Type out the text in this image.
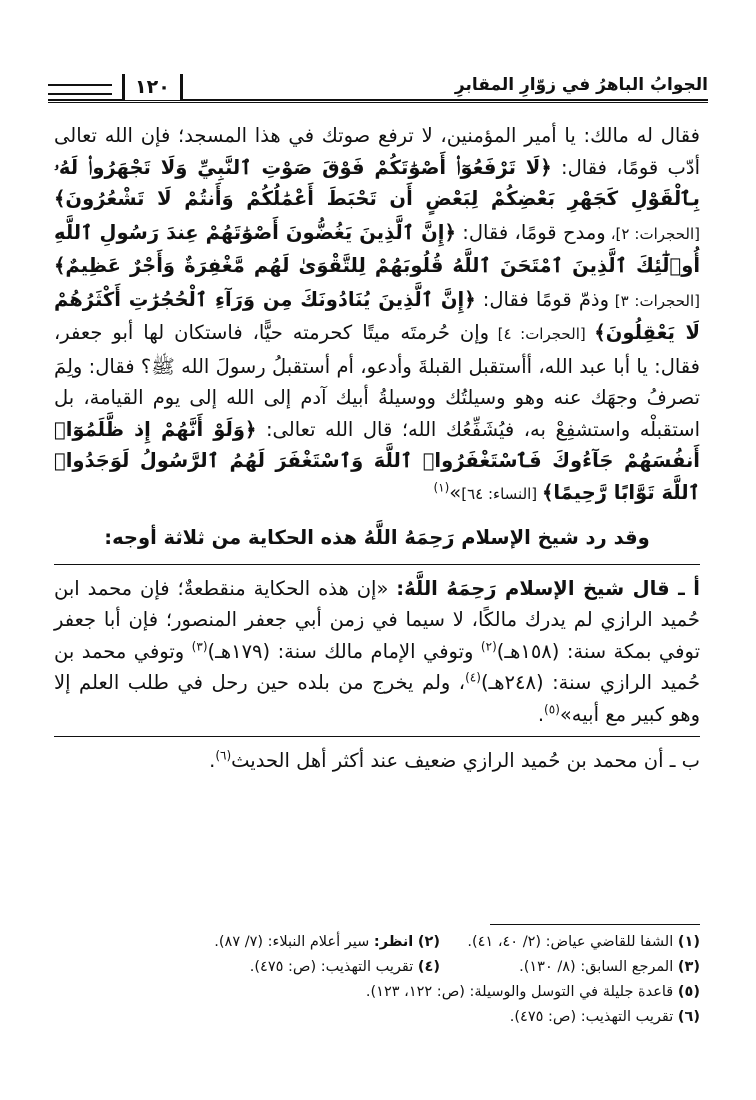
الجوابُ الباهرُ في زوّارِ المقابرِ
١٢٠

فقال له مالك: يا أمير المؤمنين، لا ترفع صوتك في هذا المسجد؛ فإن الله تعالى أدّب قومًا، فقال: ﴿لَا تَرْفَعُوٓا۟ أَصْوَٰتَكُمْ فَوْقَ صَوْتِ ٱلنَّبِيِّ وَلَا تَجْهَرُوا۟ لَهُۥ بِٱلْقَوْلِ كَجَهْرِ بَعْضِكُمْ لِبَعْضٍ أَن تَحْبَطَ أَعْمَٰلُكُمْ وَأَنتُمْ لَا تَشْعُرُونَ﴾ [الحجرات: ٢]، ومدح قومًا، فقال: ﴿إِنَّ ٱلَّذِينَ يَغُضُّونَ أَصْوَٰتَهُمْ عِندَ رَسُولِ ٱللَّهِ أُو۟لَٰٓئِكَ ٱلَّذِينَ ٱمْتَحَنَ ٱللَّهُ قُلُوبَهُمْ لِلتَّقْوَىٰ لَهُم مَّغْفِرَةٌ وَأَجْرٌ عَظِيمٌ﴾ [الحجرات: ٣] وذمّ قومًا فقال: ﴿إِنَّ ٱلَّذِينَ يُنَادُونَكَ مِن وَرَآءِ ٱلْحُجُرَٰتِ أَكْثَرُهُمْ لَا يَعْقِلُونَ﴾ [الحجرات: ٤] وإن حُرمتَه ميتًا كحرمته حيًّا، فاستكان لها أبو جعفر، فقال: يا أبا عبد الله، أأستقبل القبلةَ وأدعو، أم أستقبلُ رسولَ الله ﷺ؟ فقال: ولِمَ تصرفُ وجهَك عنه وهو وسيلتُك ووسيلةُ أبيك آدم إلى الله إلى يوم القيامة، بل استقبلْه واستشفِعْ به، فيُشَفِّعُك الله؛ قال الله تعالى: ﴿وَلَوْ أَنَّهُمْ إِذ ظَّلَمُوٓا۟ أَنفُسَهُمْ جَآءُوكَ فَٱسْتَغْفَرُوا۟ ٱللَّهَ وَٱسْتَغْفَرَ لَهُمُ ٱلرَّسُولُ لَوَجَدُوا۟ ٱللَّهَ تَوَّابًا رَّحِيمًا﴾ [النساء: ٦٤]»$^{(١)}$

وقد رد شيخ الإسلام رَحِمَهُ اللَّهُ هذه الحكاية من ثلاثة أوجه:

أ ـ قال شيخ الإسلام رَحِمَهُ اللَّهُ: «إن هذه الحكاية منقطعةٌ؛ فإن محمد ابن حُميد الرازي لم يدرك مالكًا، لا سيما في زمن أبي جعفر المنصور؛ فإن أبا جعفر توفي بمكة سنة: (١٥٨هـ)$^{(٢)}$ وتوفي الإمام مالك سنة: (١٧٩هـ)$^{(٣)}$ وتوفي محمد بن حُميد الرازي سنة: (٢٤٨هـ)$^{(٤)}$، ولم يخرج من بلده حين رحل في طلب العلم إلا وهو كبير مع أبيه»$^{(٥)}$.

ب ـ أن محمد بن حُميد الرازي ضعيف عند أكثر أهل الحديث$^{(٦)}$.

(١) الشفا للقاضي عياض: (٢/ ٤٠، ٤١).
(٢) انظر: سير أعلام النبلاء: (٧/ ٨٧).
(٣) المرجع السابق: (٨/ ١٣٠).
(٤) تقريب التهذيب: (ص: ٤٧٥).
(٥) قاعدة جليلة في التوسل والوسيلة: (ص: ١٢٢، ١٢٣).
(٦) تقريب التهذيب: (ص: ٤٧٥).
